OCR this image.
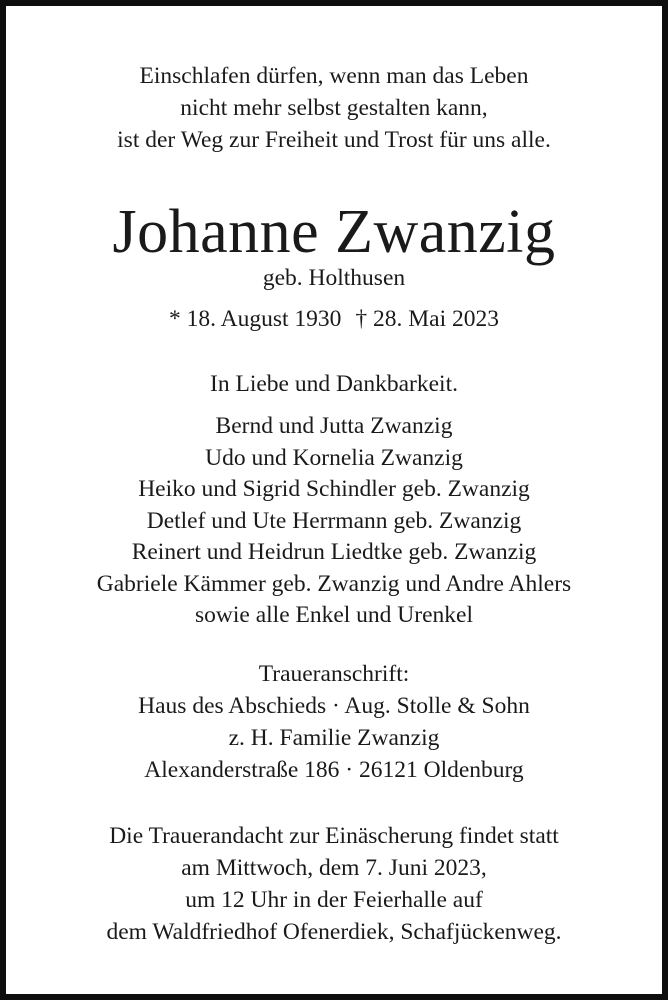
Einschlafen dürfen, wenn man das Leben
nicht mehr selbst gestalten kann,
ist der Weg zur Freiheit und Trost für uns alle.
Johanne Zwanzig
geb. Holthusen
* 18. August 1930 † 28. Mai 2023
In Liebe und Dankbarkeit.
Bernd und Jutta Zwanzig
Udo und Kornelia Zwanzig
Heiko und Sigrid Schindler geb. Zwanzig
Detlef und Ute Herrmann geb. Zwanzig
Reinert und Heidrun Liedtke geb. Zwanzig
Gabriele Kämmer geb. Zwanzig und Andre Ahlers
sowie alle Enkel und Urenkel
Traueranschrift:
Haus des Abschieds · Aug. Stolle & Sohn
z. H. Familie Zwanzig
Alexanderstraße 186 · 26121 Oldenburg
Die Trauerandacht zur Einäscherung findet statt
am Mittwoch, dem 7. Juni 2023,
um 12 Uhr in der Feierhalle auf
dem Waldfriedhof Ofenerdiek, Schafjückenweg.
